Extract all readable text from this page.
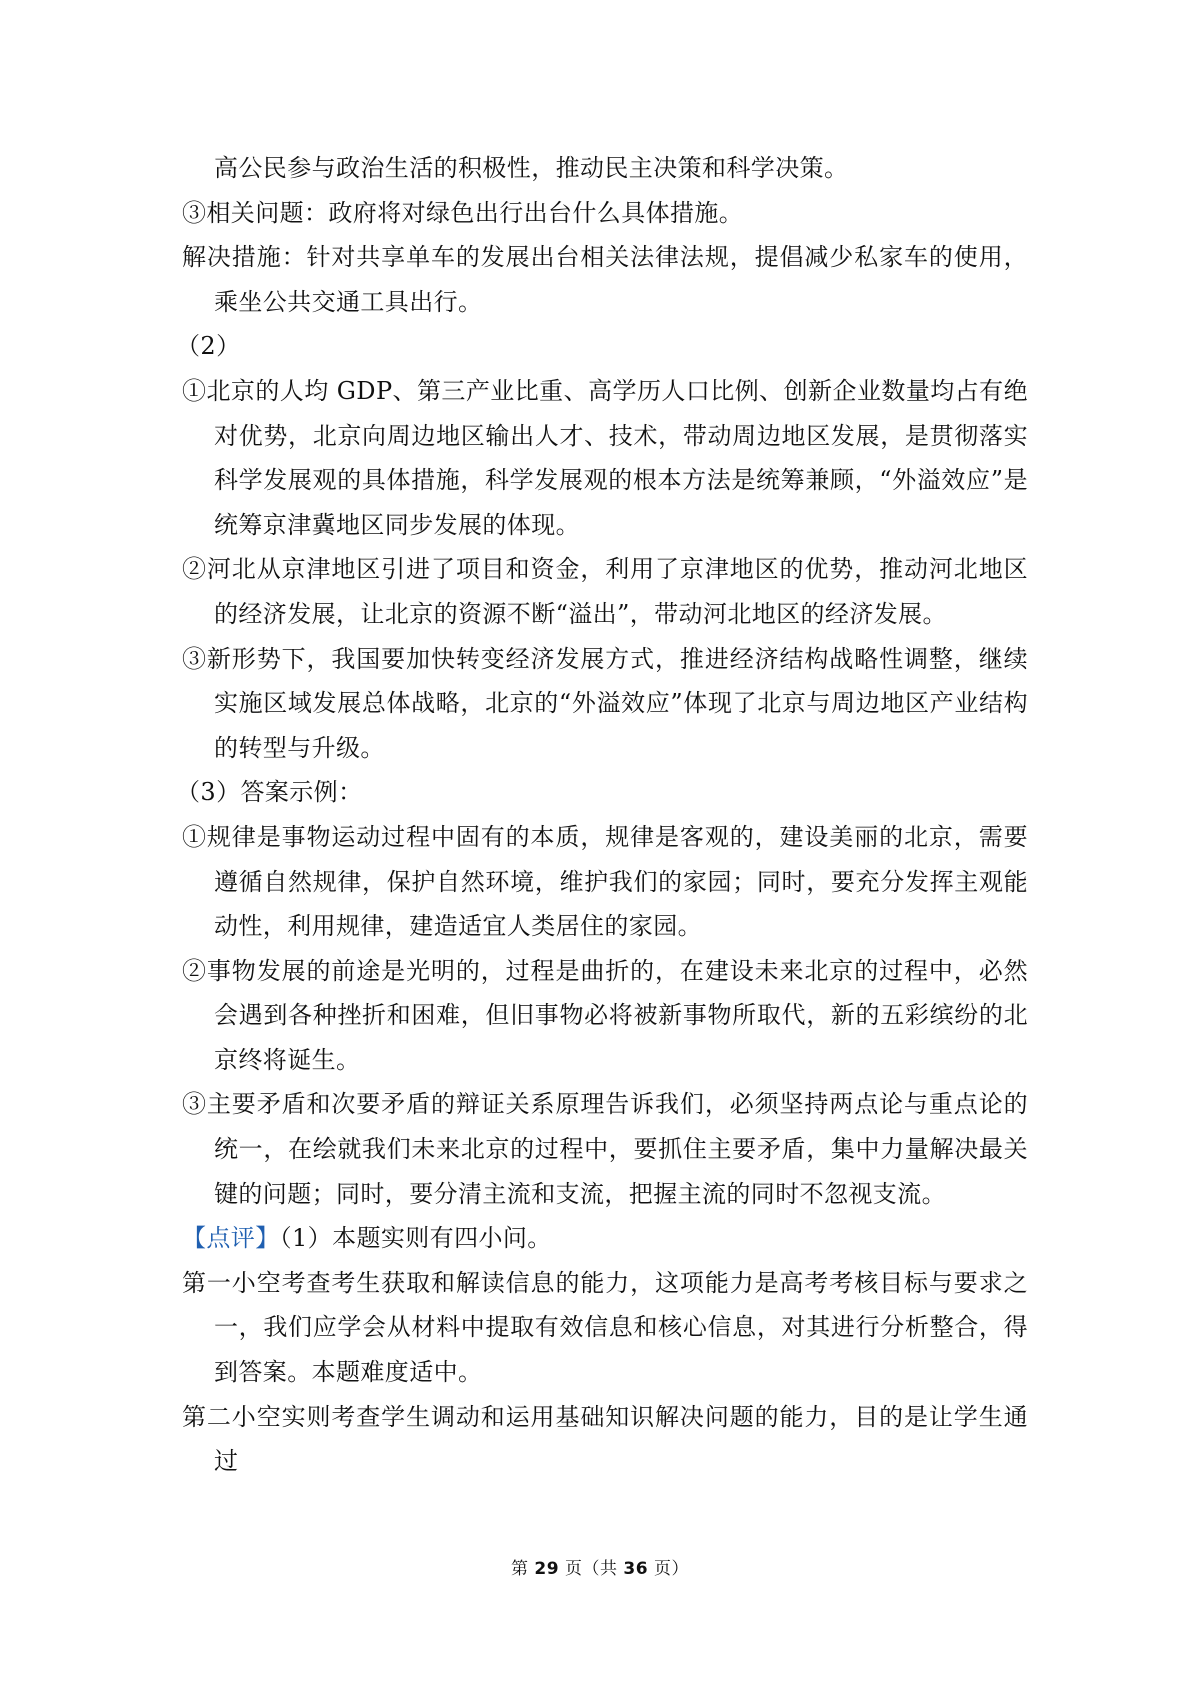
高公民参与政治生活的积极性，推动民主决策和科学决策。

③相关问题：政府将对绿色出行出台什么具体措施。

解决措施：针对共享单车的发展出台相关法律法规，提倡减少私家车的使用，乘坐公共交通工具出行。

（2）

①北京的人均 GDP、第三产业比重、高学历人口比例、创新企业数量均占有绝对优势，北京向周边地区输出人才、技术，带动周边地区发展，是贯彻落实科学发展观的具体措施，科学发展观的根本方法是统筹兼顾，“外溢效应”是统筹京津冀地区同步发展的体现。

②河北从京津地区引进了项目和资金，利用了京津地区的优势，推动河北地区的经济发展，让北京的资源不断“溢出”，带动河北地区的经济发展。

③新形势下，我国要加快转变经济发展方式，推进经济结构战略性调整，继续实施区域发展总体战略，北京的“外溢效应”体现了北京与周边地区产业结构的转型与升级。

（3）答案示例：

①规律是事物运动过程中固有的本质，规律是客观的，建设美丽的北京，需要遵循自然规律，保护自然环境，维护我们的家园；同时，要充分发挥主观能动性，利用规律，建造适宜人类居住的家园。

②事物发展的前途是光明的，过程是曲折的，在建设未来北京的过程中，必然会遇到各种挫折和困难，但旧事物必将被新事物所取代，新的五彩缤纷的北京终将诞生。

③主要矛盾和次要矛盾的辩证关系原理告诉我们，必须坚持两点论与重点论的统一，在绘就我们未来北京的过程中，要抓住主要矛盾，集中力量解决最关键的问题；同时，要分清主流和支流，把握主流的同时不忽视支流。

【点评】（1）本题实则有四小问。

第一小空考查考生获取和解读信息的能力，这项能力是高考考核目标与要求之一，我们应学会从材料中提取有效信息和核心信息，对其进行分析整合，得到答案。本题难度适中。

第二小空实则考查学生调动和运用基础知识解决问题的能力，目的是让学生通过

第 29 页（共 36 页）
